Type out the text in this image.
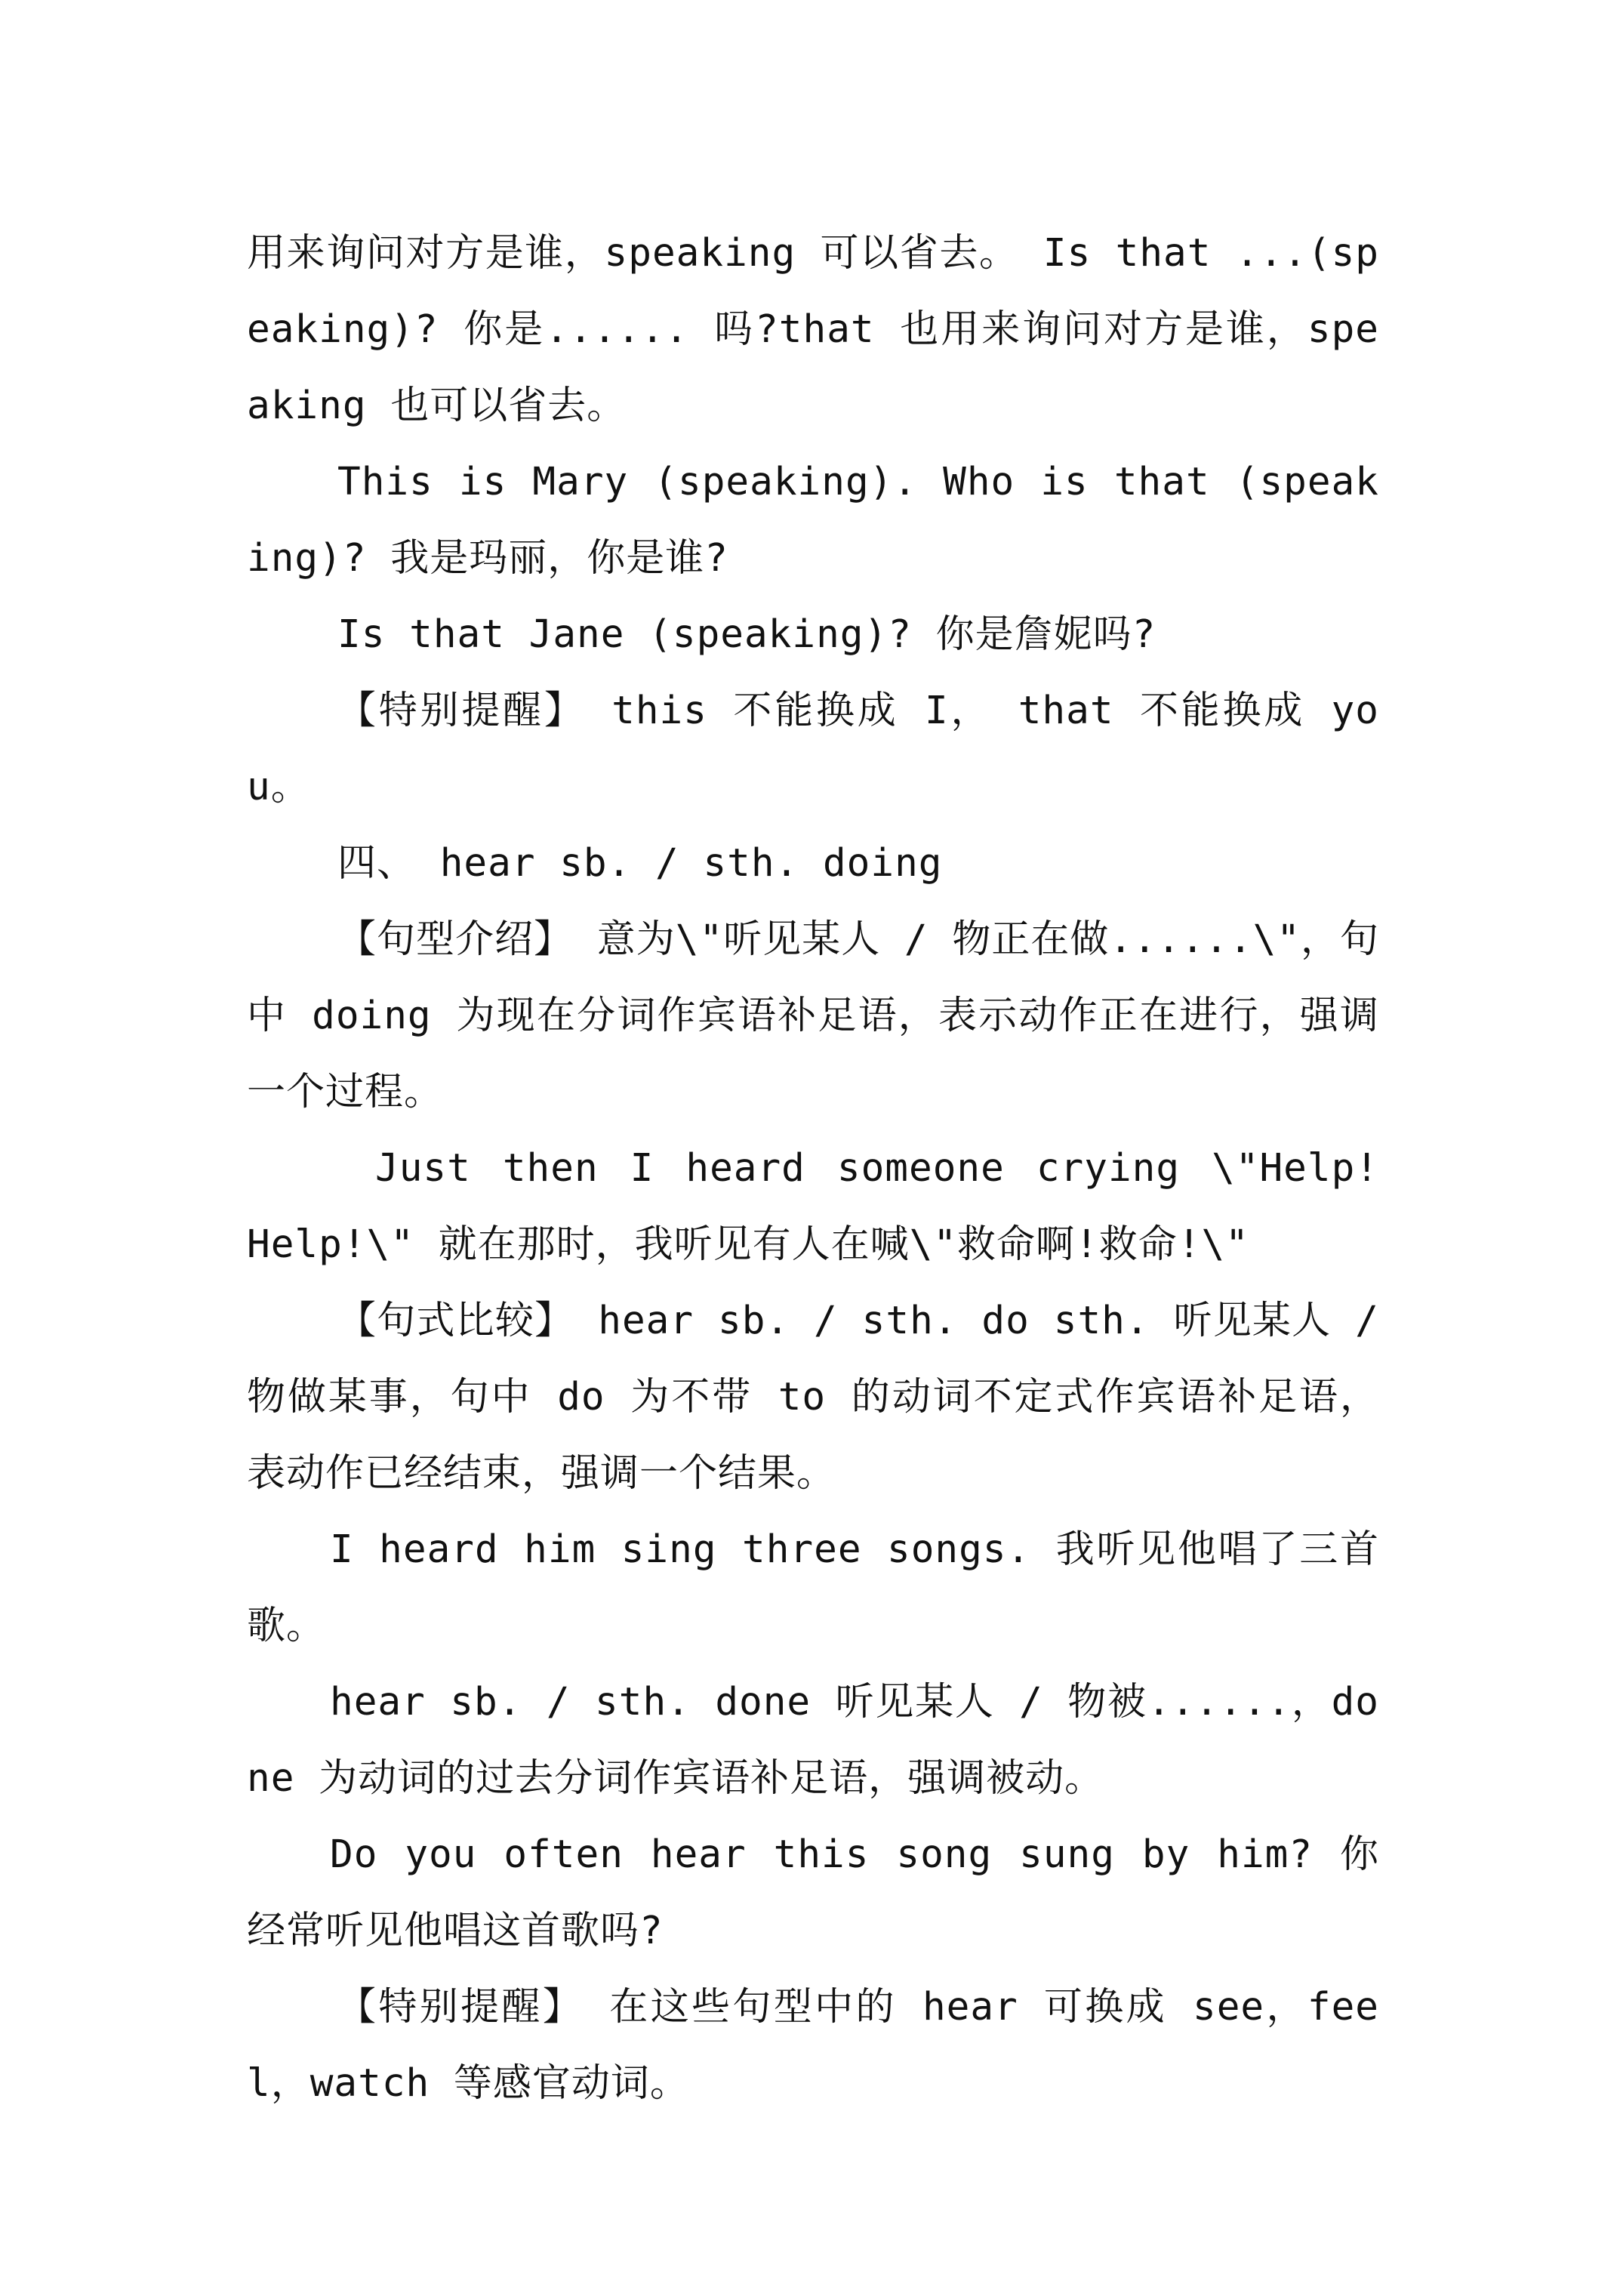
用来询问对方是谁，speaking 可以省去。 Is that ...(speaking)? 你是...... 吗?that 也用来询问对方是谁，speaking 也可以省去。

This is Mary (speaking). Who is that (speaking)? 我是玛丽，你是谁?

Is that Jane (speaking)? 你是詹妮吗?

【特别提醒】 this 不能换成 I， that 不能换成 you。

四、 hear sb. / sth. doing

【句型介绍】 意为\"听见某人 / 物正在做......\"，句中 doing 为现在分词作宾语补足语，表示动作正在进行，强调一个过程。

Just then I heard someone crying \"Help! Help!\" 就在那时，我听见有人在喊\"救命啊!救命!\"

【句式比较】 hear sb. / sth. do sth. 听见某人 / 物做某事，句中 do 为不带 to 的动词不定式作宾语补足语，表动作已经结束，强调一个结果。

I heard him sing three songs. 我听见他唱了三首歌。

hear sb. / sth. done 听见某人 / 物被......，done 为动词的过去分词作宾语补足语，强调被动。

Do you often hear this song sung by him? 你经常听见他唱这首歌吗?

【特别提醒】 在这些句型中的 hear 可换成 see，feel，watch 等感官动词。
